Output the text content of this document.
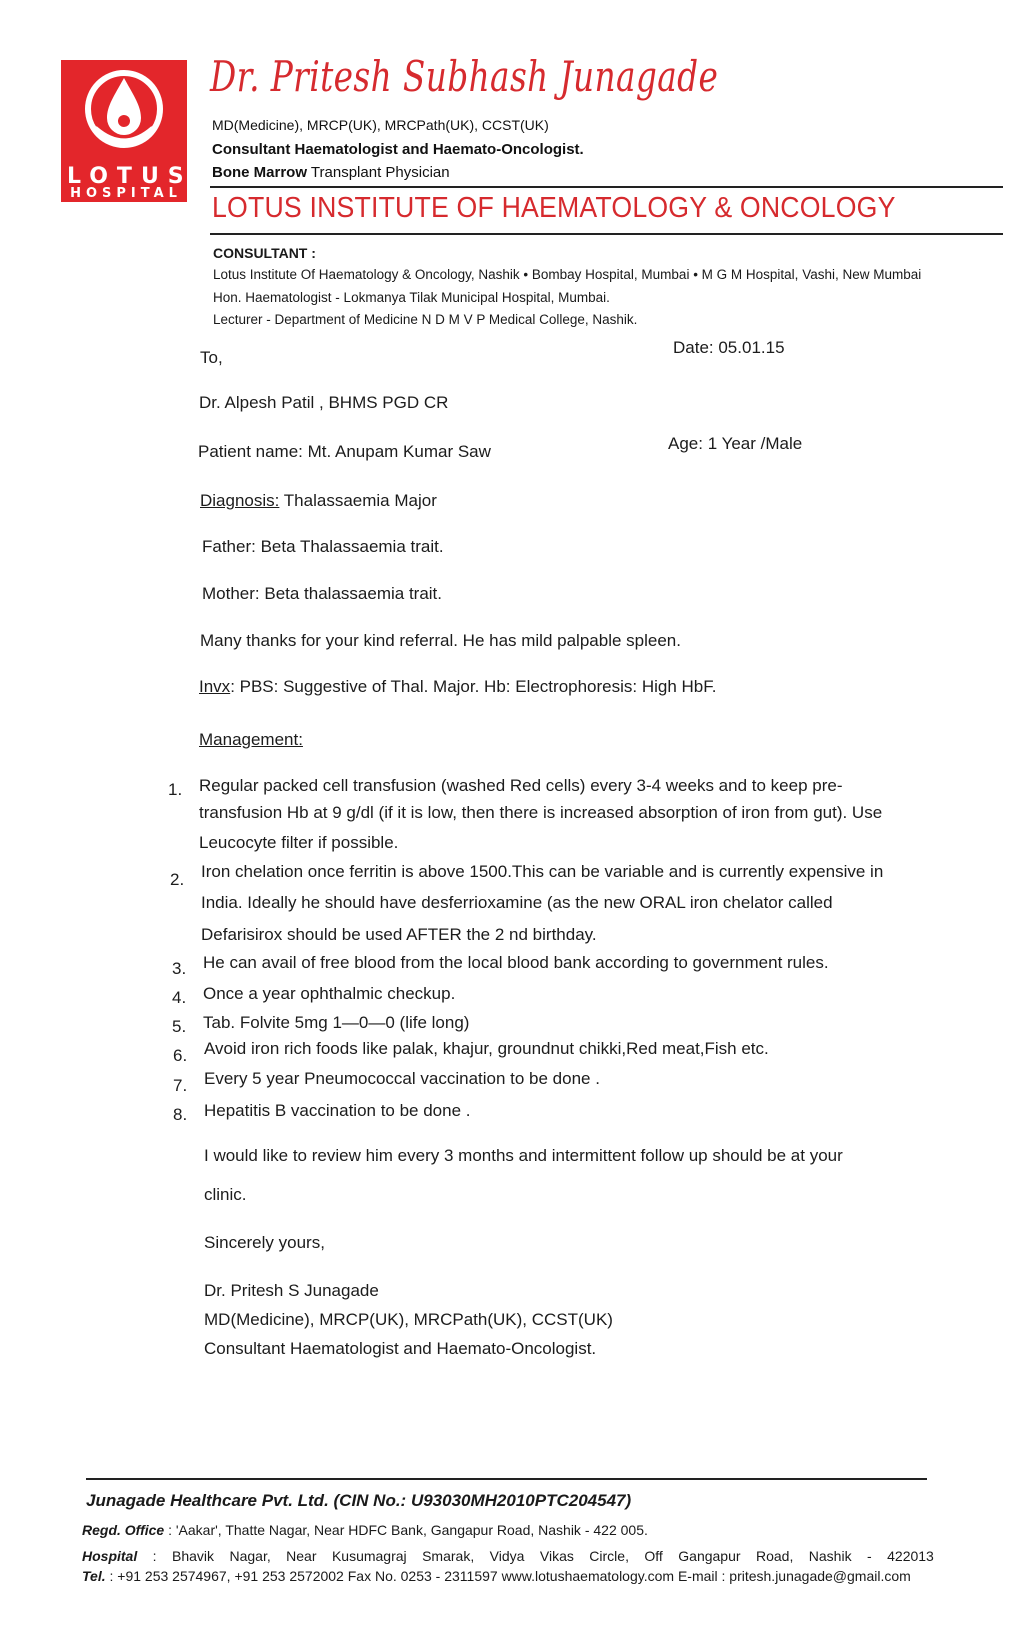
LOTUS
HOSPITAL
Dr. Pritesh Subhash Junagade
MD(Medicine), MRCP(UK), MRCPath(UK), CCST(UK)
Consultant Haematologist and Haemato-Oncologist.
Bone Marrow Transplant Physician
LOTUS INSTITUTE OF HAEMATOLOGY & ONCOLOGY
CONSULTANT :
Lotus Institute Of Haematology & Oncology, Nashik • Bombay Hospital, Mumbai • M G M Hospital, Vashi, New Mumbai
Hon. Haematologist - Lokmanya Tilak Municipal Hospital, Mumbai.
Lecturer - Department of Medicine N D M V P Medical College, Nashik.
To,
Date: 05.01.15
Dr. Alpesh Patil , BHMS PGD CR
Patient name: Mt. Anupam Kumar Saw	Age: 1 Year /Male
Diagnosis: Thalassaemia Major
Father: Beta Thalassaemia trait.
Mother: Beta thalassaemia trait.
Many thanks for your kind referral. He has mild palpable spleen.
Invx: PBS: Suggestive of Thal. Major. Hb: Electrophoresis: High HbF.
Management:
1. Regular packed cell transfusion (washed Red cells) every 3-4 weeks and to keep pre-
transfusion Hb at 9 g/dl (if it is low, then there is increased absorption of iron from gut). Use
Leucocyte filter if possible.
2. Iron chelation once ferritin is above 1500.This can be variable and is currently expensive in
India. Ideally he should have desferrioxamine (as the new ORAL iron chelator called
Defarisirox should be used AFTER the 2 nd birthday.
3. He can avail of free blood from the local blood bank according to government rules.
4. Once a year ophthalmic checkup.
5. Tab. Folvite 5mg 1—0—0 (life long)
6. Avoid iron rich foods like palak, khajur, groundnut chikki,Red meat,Fish etc.
7. Every 5 year Pneumococcal vaccination to be done .
8. Hepatitis B vaccination to be done .
I would like to review him every 3 months and intermittent follow up should be at your
clinic.
Sincerely yours,
Dr. Pritesh S Junagade
MD(Medicine), MRCP(UK), MRCPath(UK), CCST(UK)
Consultant Haematologist and Haemato-Oncologist.
Junagade Healthcare Pvt. Ltd. (CIN No.: U93030MH2010PTC204547)
Regd. Office : 'Aakar', Thatte Nagar, Near HDFC Bank, Gangapur Road, Nashik - 422 005.
Hospital : Bhavik Nagar, Near Kusumagraj Smarak, Vidya Vikas Circle, Off Gangapur Road, Nashik - 422013
Tel. : +91 253 2574967, +91 253 2572002 Fax No. 0253 - 2311597 www.lotushaematology.com E-mail : pritesh.junagade@gmail.com
